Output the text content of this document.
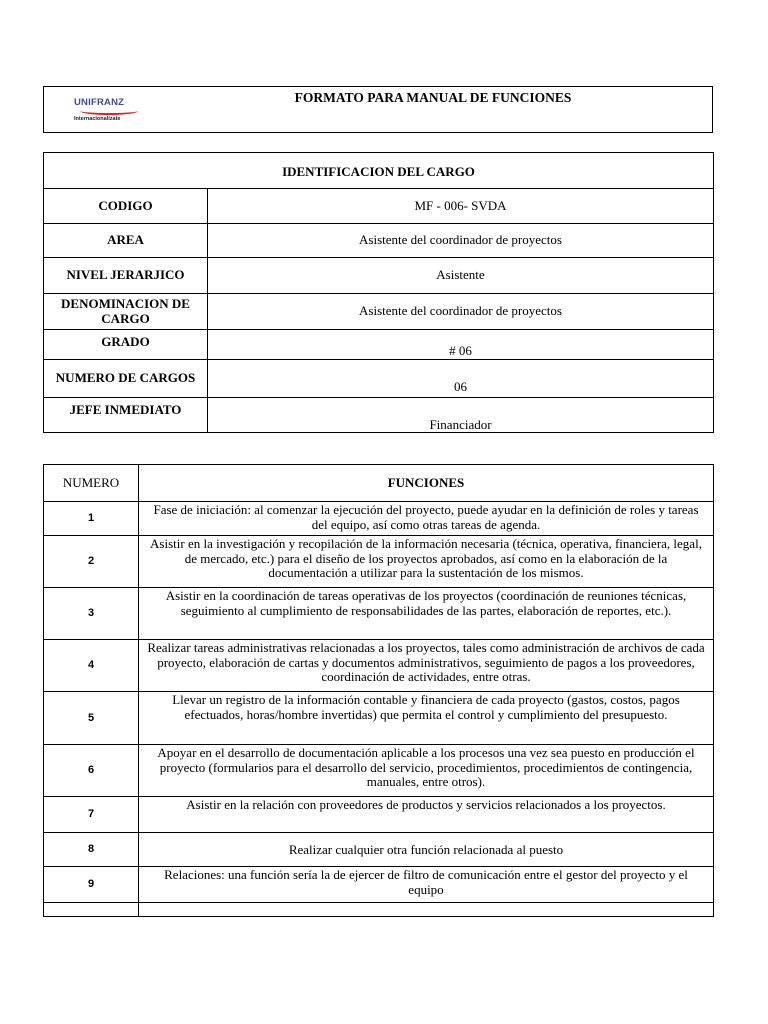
UNIFRANZ
Internacionalízate
FORMATO PARA MANUAL DE FUNCIONES
IDENTIFICACION DEL CARGO	
CODIGO	MF - 006- SVDA
AREA	Asistente del coordinador de proyectos
NIVEL JERARJICO	Asistente
DENOMINACION DE CARGO	Asistente del coordinador de proyectos
GRADO	# 06
NUMERO DE CARGOS	06
JEFE INMEDIATO	Financiador
NUMERO	FUNCIONES
1	Fase de iniciación: al comenzar la ejecución del proyecto, puede ayudar en la definición de roles y tareas del equipo, así como otras tareas de agenda.
2	Asistir en la investigación y recopilación de la información necesaria (técnica, operativa, financiera, legal, de mercado, etc.) para el diseño de los proyectos aprobados, así como en la elaboración de la documentación a utilizar para la sustentación de los mismos.
3	Asistir en la coordinación de tareas operativas de los proyectos (coordinación de reuniones técnicas, seguimiento al cumplimiento de responsabilidades de las partes, elaboración de reportes, etc.).
4	Realizar tareas administrativas relacionadas a los proyectos, tales como administración de archivos de cada proyecto, elaboración de cartas y documentos administrativos, seguimiento de pagos a los proveedores, coordinación de actividades, entre otras.
5	Llevar un registro de la información contable y financiera de cada proyecto (gastos, costos, pagos efectuados, horas/hombre invertidas) que permita el control y cumplimiento del presupuesto.
6	Apoyar en el desarrollo de documentación aplicable a los procesos una vez sea puesto en producción el proyecto (formularios para el desarrollo del servicio, procedimientos, procedimientos de contingencia, manuales, entre otros).
7	Asistir en la relación con proveedores de productos y servicios relacionados a los proyectos.
8	Realizar cualquier otra función relacionada al puesto
9	Relaciones: una función sería la de ejercer de filtro de comunicación entre el gestor del proyecto y el equipo
